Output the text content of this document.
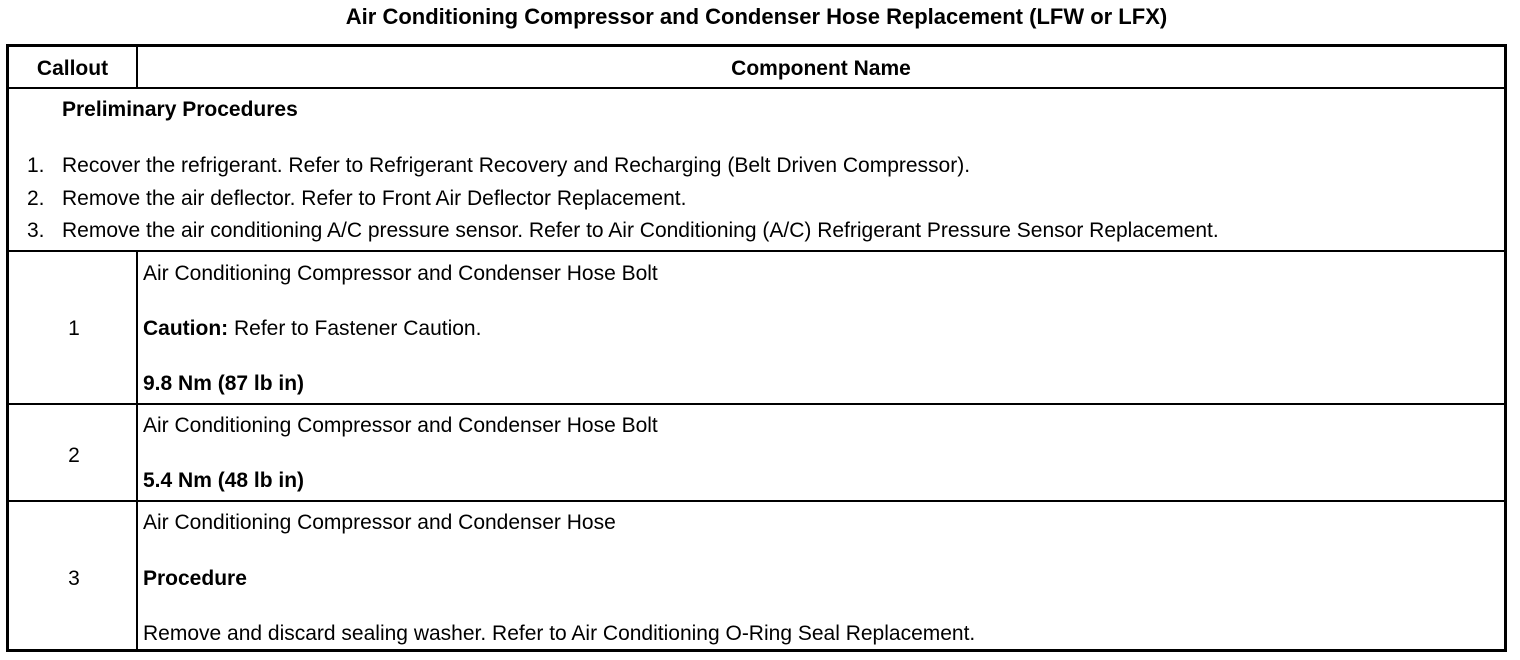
Air Conditioning Compressor and Condenser Hose Replacement (LFW or LFX)
Callout	Component Name
Preliminary Procedures
1. Recover the refrigerant. Refer to Refrigerant Recovery and Recharging (Belt Driven Compressor).
2. Remove the air deflector. Refer to Front Air Deflector Replacement.
3. Remove the air conditioning A/C pressure sensor. Refer to Air Conditioning (A/C) Refrigerant Pressure Sensor Replacement.
1
Air Conditioning Compressor and Condenser Hose Bolt
Caution: Refer to Fastener Caution.
9.8 Nm (87 lb in)
2
Air Conditioning Compressor and Condenser Hose Bolt
5.4 Nm (48 lb in)
3
Air Conditioning Compressor and Condenser Hose
Procedure
Remove and discard sealing washer. Refer to Air Conditioning O-Ring Seal Replacement.
